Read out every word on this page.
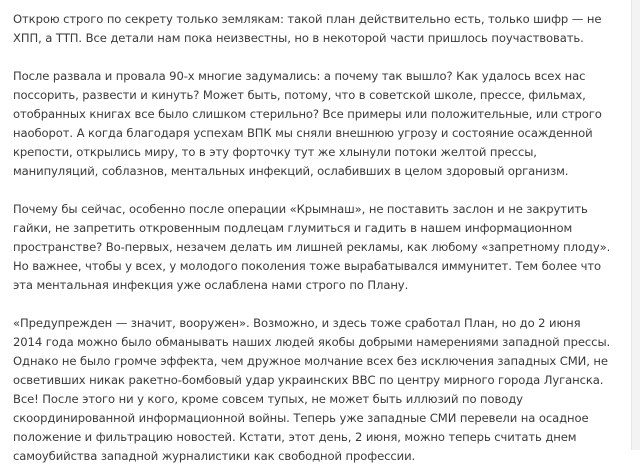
Открою строго по секрету только землякам: такой план действительно есть, только шифр — не ХПП, а ТТП. Все детали нам пока неизвестны, но в некоторой части пришлось поучаствовать.

После развала и провала 90-х многие задумались: а почему так вышло? Как удалось всех нас поссорить, развести и кинуть? Может быть, потому, что в советской школе, прессе, фильмах, отобранных книгах все было слишком стерильно? Все примеры или положительные, или строго наоборот. А когда благодаря успехам ВПК мы сняли внешнюю угрозу и состояние осажденной крепости, открылись миру, то в эту форточку тут же хлынули потоки желтой прессы, манипуляций, соблазнов, ментальных инфекций, ослабивших в целом здоровый организм.

Почему бы сейчас, особенно после операции «Крымнаш», не поставить заслон и не закрутить гайки, не запретить откровенным подлецам глумиться и гадить в нашем информационном пространстве? Во-первых, незачем делать им лишней рекламы, как любому «запретному плоду». Но важнее, чтобы у всех, у молодого поколения тоже вырабатывался иммунитет. Тем более что эта ментальная инфекция уже ослаблена нами строго по Плану.

«Предупрежден — значит, вооружен». Возможно, и здесь тоже сработал План, но до 2 июня 2014 года можно было обманывать наших людей якобы добрыми намерениями западной прессы. Однако не было громче эффекта, чем дружное молчание всех без исключения западных СМИ, не осветивших никак ракетно-бомбовый удар украинских ВВС по центру мирного города Луганска. Все! После этого ни у кого, кроме совсем тупых, не может быть иллюзий по поводу скоординированной информационной войны. Теперь уже западные СМИ перевели на осадное положение и фильтрацию новостей. Кстати, этот день, 2 июня, можно теперь считать днем самоубийства западной журналистики как свободной профессии.
